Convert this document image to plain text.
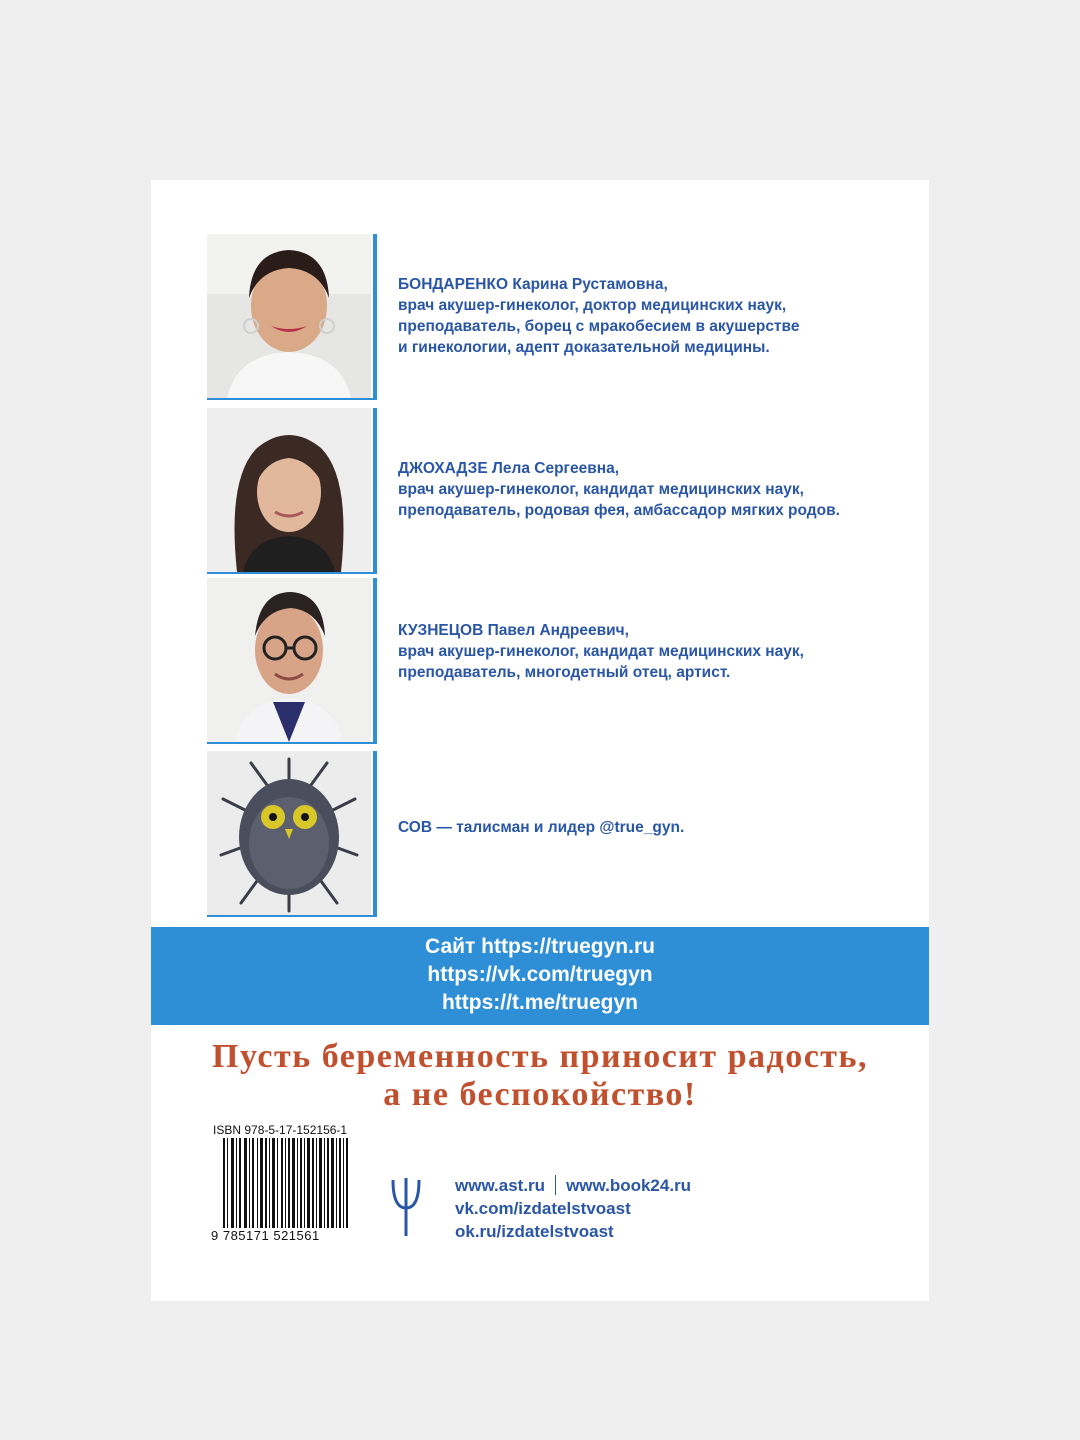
БОНДАРЕНКО Карина Рустамовна,
врач акушер-гинеколог, доктор медицинских наук,
преподаватель, борец с мракобесием в акушерстве
и гинекологии, адепт доказательной медицины.
ДЖОХАДЗЕ Лела Сергеевна,
врач акушер-гинеколог, кандидат медицинских наук,
преподаватель, родовая фея, амбассадор мягких родов.
КУЗНЕЦОВ Павел Андреевич,
врач акушер-гинеколог, кандидат медицинских наук,
преподаватель, многодетный отец, артист.
СОВ — талисман и лидер @true_gyn.
Сайт https://truegyn.ru
https://vk.com/truegyn
https://t.me/truegyn
Пусть беременность приносит радость,
а не беспокойство!
ISBN 978-5-17-152156-1
9 785171 521561
www.ast.ru www.book24.ru
vk.com/izdatelstvoast
ok.ru/izdatelstvoast
